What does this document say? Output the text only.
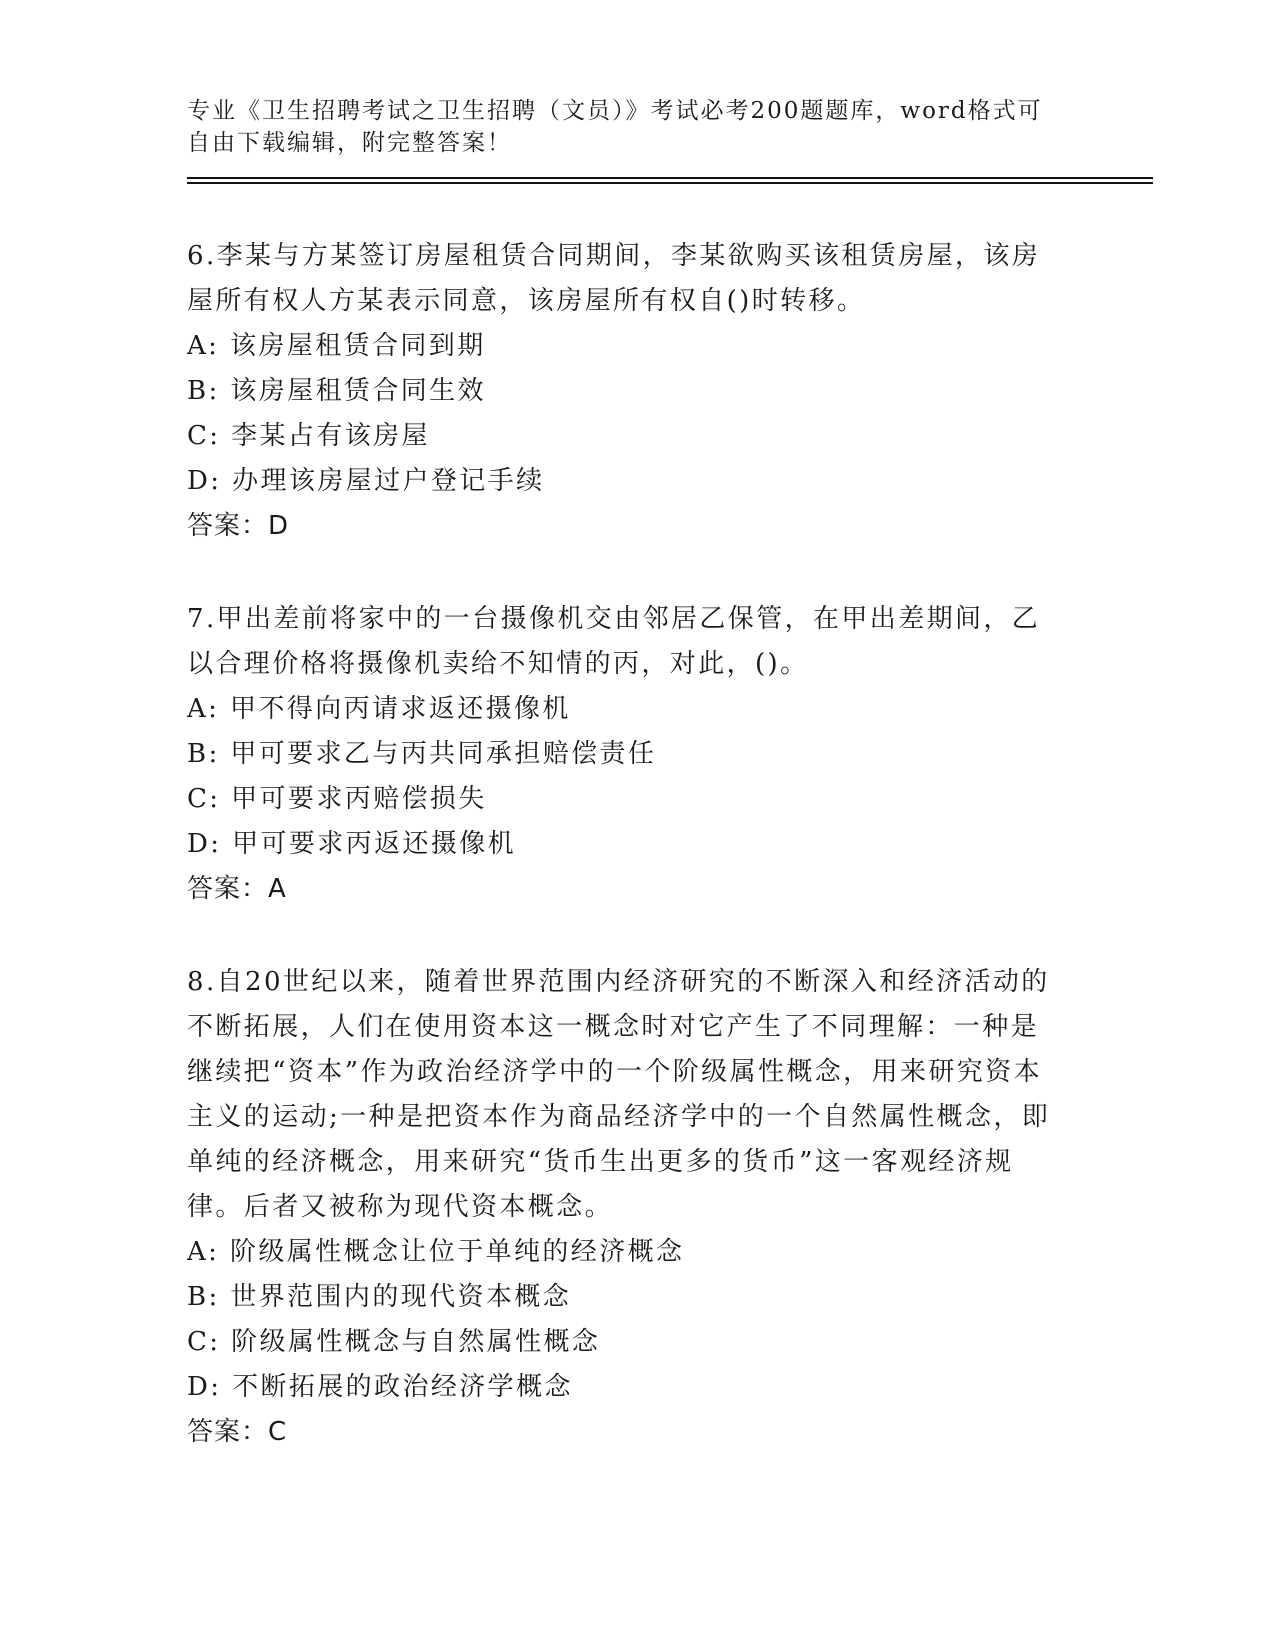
专业《卫生招聘考试之卫生招聘（文员）》考试必考200题题库，word格式可自由下载编辑，附完整答案！

6.李某与方某签订房屋租赁合同期间，李某欲购买该租赁房屋，该房屋所有权人方某表示同意，该房屋所有权自()时转移。

A: 该房屋租赁合同到期

B: 该房屋租赁合同生效

C: 李某占有该房屋

D: 办理该房屋过户登记手续

答案：D

7.甲出差前将家中的一台摄像机交由邻居乙保管，在甲出差期间，乙以合理价格将摄像机卖给不知情的丙，对此，()。

A: 甲不得向丙请求返还摄像机

B: 甲可要求乙与丙共同承担赔偿责任

C: 甲可要求丙赔偿损失

D: 甲可要求丙返还摄像机

答案：A

8.自20世纪以来，随着世界范围内经济研究的不断深入和经济活动的不断拓展，人们在使用资本这一概念时对它产生了不同理解：一种是继续把“资本”作为政治经济学中的一个阶级属性概念，用来研究资本主义的运动;一种是把资本作为商品经济学中的一个自然属性概念，即单纯的经济概念，用来研究“货币生出更多的货币”这一客观经济规律。后者又被称为现代资本概念。

A: 阶级属性概念让位于单纯的经济概念

B: 世界范围内的现代资本概念

C: 阶级属性概念与自然属性概念

D: 不断拓展的政治经济学概念

答案：C
